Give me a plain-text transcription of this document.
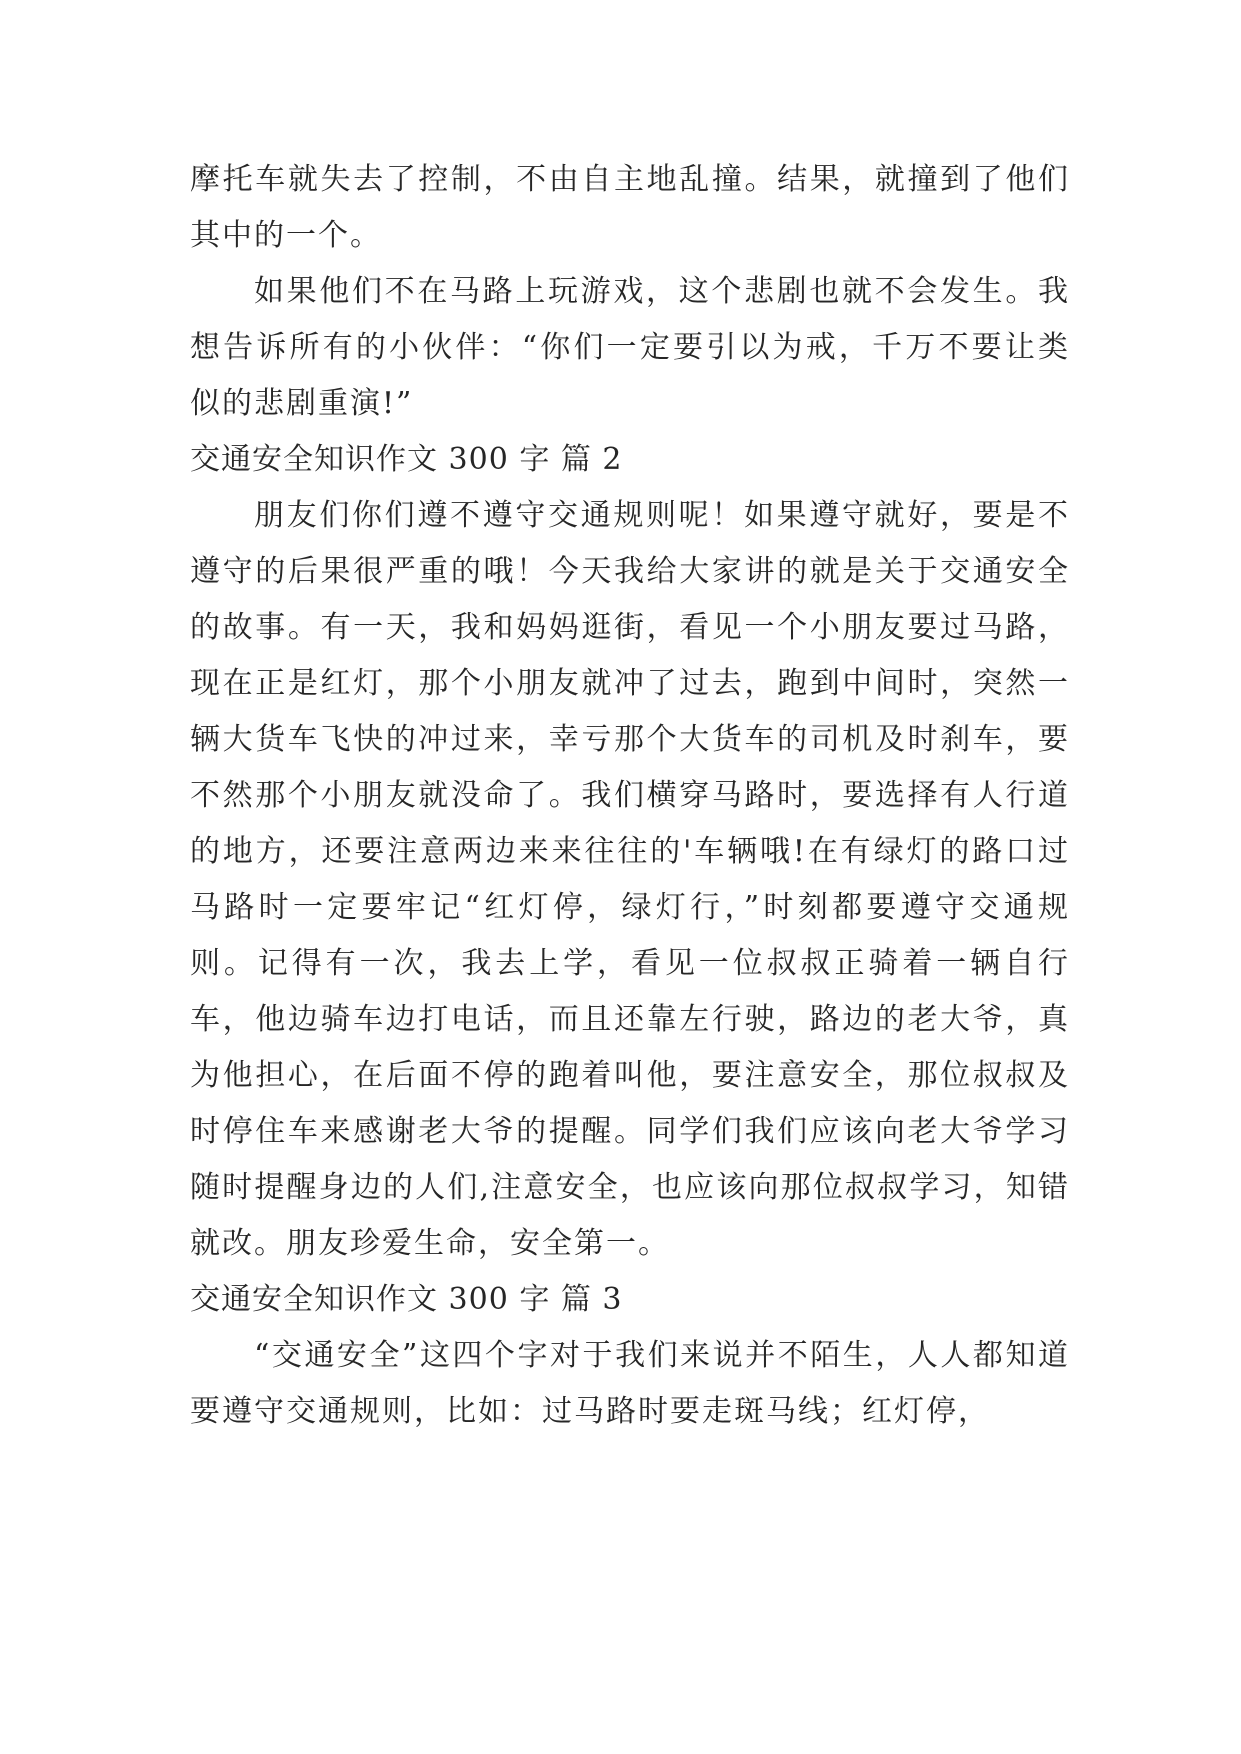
摩托车就失去了控制，不由自主地乱撞。结果，就撞到了他们其中的一个。

如果他们不在马路上玩游戏，这个悲剧也就不会发生。我想告诉所有的小伙伴：“你们一定要引以为戒，千万不要让类似的悲剧重演!”

交通安全知识作文 300 字 篇 2

朋友们你们遵不遵守交通规则呢！如果遵守就好，要是不遵守的后果很严重的哦！今天我给大家讲的就是关于交通安全的故事。有一天，我和妈妈逛街，看见一个小朋友要过马路，现在正是红灯，那个小朋友就冲了过去，跑到中间时，突然一辆大货车飞快的冲过来，幸亏那个大货车的司机及时刹车，要不然那个小朋友就没命了。我们横穿马路时，要选择有人行道的地方，还要注意两边来来往往的'车辆哦!在有绿灯的路口过马路时一定要牢记“红灯停，绿灯行，”时刻都要遵守交通规则。记得有一次，我去上学，看见一位叔叔正骑着一辆自行车，他边骑车边打电话，而且还靠左行驶，路边的老大爷，真为他担心，在后面不停的跑着叫他，要注意安全，那位叔叔及时停住车来感谢老大爷的提醒。同学们我们应该向老大爷学习随时提醒身边的人们,注意安全，也应该向那位叔叔学习，知错就改。朋友珍爱生命，安全第一。

交通安全知识作文 300 字 篇 3

“交通安全”这四个字对于我们来说并不陌生，人人都知道要遵守交通规则，比如：过马路时要走斑马线；红灯停，
